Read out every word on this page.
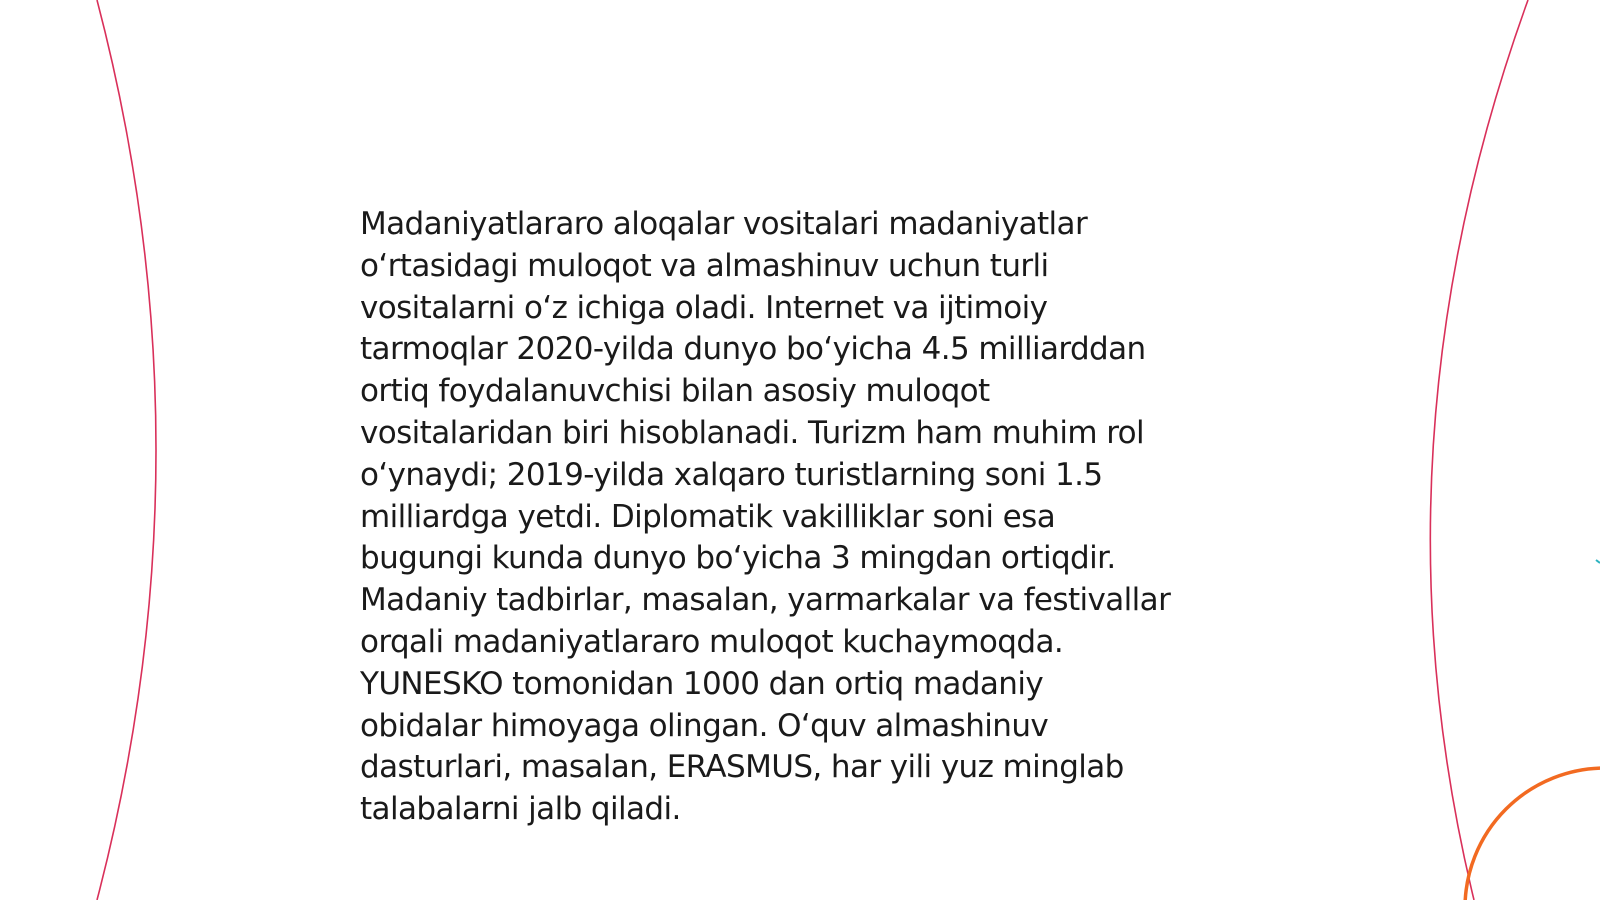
Madaniyatlararo aloqalar vositalari madaniyatlar
o‘rtasidagi muloqot va almashinuv uchun turli
vositalarni o‘z ichiga oladi. Internet va ijtimoiy
tarmoqlar 2020-yilda dunyo bo‘yicha 4.5 milliarddan
ortiq foydalanuvchisi bilan asosiy muloqot
vositalaridan biri hisoblanadi. Turizm ham muhim rol
o‘ynaydi; 2019-yilda xalqaro turistlarning soni 1.5
milliardga yetdi. Diplomatik vakilliklar soni esa
bugungi kunda dunyo bo‘yicha 3 mingdan ortiqdir.
Madaniy tadbirlar, masalan, yarmarkalar va festivallar
orqali madaniyatlararo muloqot kuchaymoqda.
YUNESKO tomonidan 1000 dan ortiq madaniy
obidalar himoyaga olingan. O‘quv almashinuv
dasturlari, masalan, ERASMUS, har yili yuz minglab
talabalarni jalb qiladi.
